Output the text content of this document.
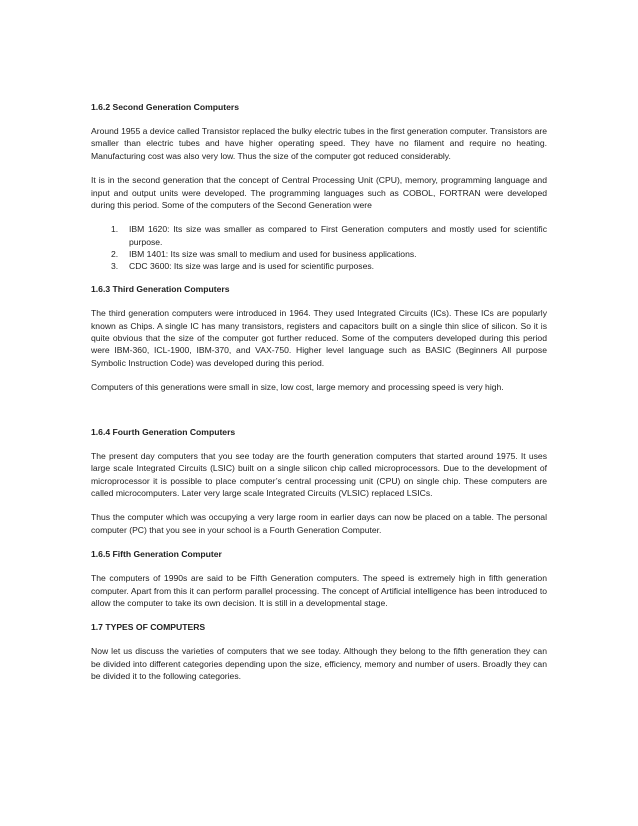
1.6.2 Second Generation Computers

Around 1955 a device called Transistor replaced the bulky electric tubes in the first generation computer. Transistors are smaller than electric tubes and have higher operating speed. They have no filament and require no heating. Manufacturing cost was also very low. Thus the size of the computer got reduced considerably.

It is in the second generation that the concept of Central Processing Unit (CPU), memory, programming language and input and output units were developed. The programming languages such as COBOL, FORTRAN were developed during this period. Some of the computers of the Second Generation were

1. IBM 1620: Its size was smaller as compared to First Generation computers and mostly used for scientific purpose.
2. IBM 1401: Its size was small to medium and used for business applications.
3. CDC 3600: Its size was large and is used for scientific purposes.
1.6.3 Third Generation Computers

The third generation computers were introduced in 1964. They used Integrated Circuits (ICs). These ICs are popularly known as Chips. A single IC has many transistors, registers and capacitors built on a single thin slice of silicon. So it is quite obvious that the size of the computer got further reduced. Some of the computers developed during this period were IBM-360, ICL-1900, IBM-370, and VAX-750. Higher level language such as BASIC (Beginners All purpose Symbolic Instruction Code) was developed during this period.

Computers of this generations were small in size, low cost, large memory and processing speed is very high.

1.6.4 Fourth Generation Computers

The present day computers that you see today are the fourth generation computers that started around 1975. It uses large scale Integrated Circuits (LSIC) built on a single silicon chip called microprocessors. Due to the development of microprocessor it is possible to place computer’s central processing unit (CPU) on single chip. These computers are called microcomputers. Later very large scale Integrated Circuits (VLSIC) replaced LSICs.

Thus the computer which was occupying a very large room in earlier days can now be placed on a table. The personal computer (PC) that you see in your school is a Fourth Generation Computer.

1.6.5 Fifth Generation Computer

The computers of 1990s are said to be Fifth Generation computers. The speed is extremely high in fifth generation computer. Apart from this it can perform parallel processing. The concept of Artificial intelligence has been introduced to allow the computer to take its own decision. It is still in a developmental stage.

1.7 TYPES OF COMPUTERS

Now let us discuss the varieties of computers that we see today. Although they belong to the fifth generation they can be divided into different categories depending upon the size, efficiency, memory and number of users. Broadly they can be divided it to the following categories.
